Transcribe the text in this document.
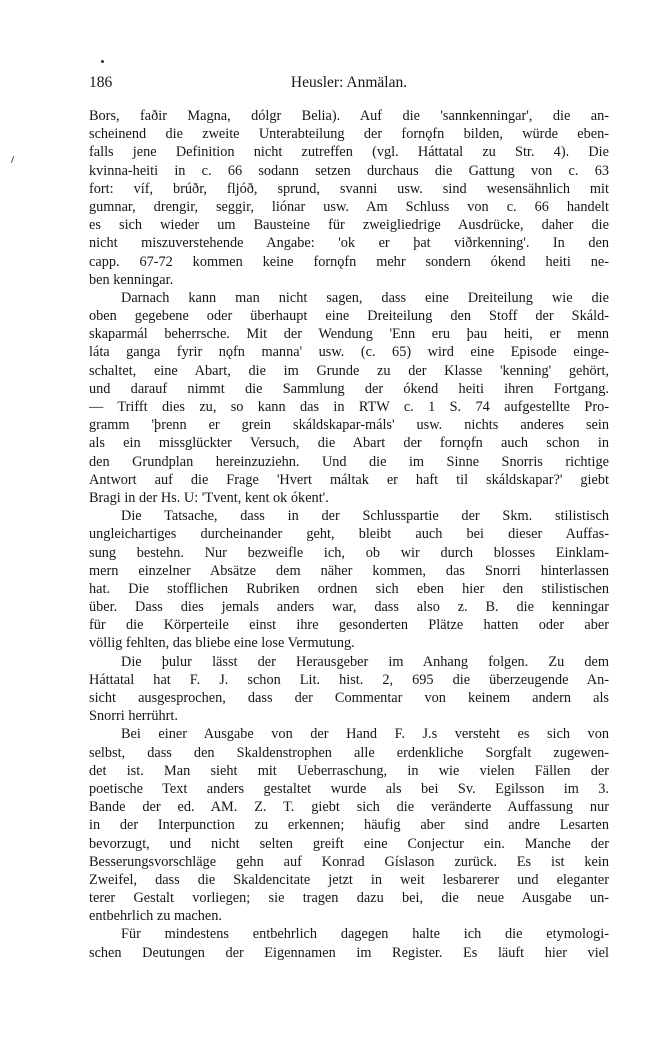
186	Heusler: Anmälan.
Bors, faðir Magna, dólgr Belia). Auf die 'sannkenningar', die an-
scheinend die zweite Unterabteilung der fornǫfn bilden, würde eben-
falls jene Definition nicht zutreffen (vgl. Háttatal zu Str. 4). Die
kvinna-heiti in c. 66 sodann setzen durchaus die Gattung von c. 63
fort: víf, brúðr, fljóð, sprund, svanni usw. sind wesensähnlich mit
gumnar, drengir, seggir, liónar usw. Am Schluss von c. 66 handelt
es sich wieder um Bausteine für zweigliedrige Ausdrücke, daher die
nicht miszuverstehende Angabe: 'ok er þat viðrkenning'. In den
capp. 67-72 kommen keine fornǫfn mehr sondern ókend heiti ne-
ben kenningar.
Darnach kann man nicht sagen, dass eine Dreiteilung wie die
oben gegebene oder überhaupt eine Dreiteilung den Stoff der Skáld-
skaparmál beherrsche. Mit der Wendung 'Enn eru þau heiti, er menn
láta ganga fyrir nǫfn manna' usw. (c. 65) wird eine Episode einge-
schaltet, eine Abart, die im Grunde zu der Klasse 'kenning' gehört,
und darauf nimmt die Sammlung der ókend heiti ihren Fortgang.
— Trifft dies zu, so kann das in RTW c. 1 S. 74 aufgestellte Pro-
gramm 'þrenn er grein skáldskapar-máls' usw. nichts anderes sein
als ein missglückter Versuch, die Abart der fornǫfn auch schon in
den Grundplan hereinzuziehn. Und die im Sinne Snorris richtige
Antwort auf die Frage 'Hvert máltak er haft til skáldskapar?' giebt
Bragi in der Hs. U: 'Tvent, kent ok ókent'.
Die Tatsache, dass in der Schlusspartie der Skm. stilistisch
ungleichartiges durcheinander geht, bleibt auch bei dieser Auffas-
sung bestehn. Nur bezweifle ich, ob wir durch blosses Einklam-
mern einzelner Absätze dem näher kommen, das Snorri hinterlassen
hat. Die stofflichen Rubriken ordnen sich eben hier den stilistischen
über. Dass dies jemals anders war, dass also z. B. die kenningar
für die Körperteile einst ihre gesonderten Plätze hatten oder aber
völlig fehlten, das bliebe eine lose Vermutung.
Die þulur lässt der Herausgeber im Anhang folgen. Zu dem
Háttatal hat F. J. schon Lit. hist. 2, 695 die überzeugende An-
sicht ausgesprochen, dass der Commentar von keinem andern als
Snorri herrührt.
Bei einer Ausgabe von der Hand F. J.s versteht es sich von
selbst, dass den Skaldenstrophen alle erdenkliche Sorgfalt zugewen-
det ist. Man sieht mit Ueberraschung, in wie vielen Fällen der
poetische Text anders gestaltet wurde als bei Sv. Egilsson im 3.
Bande der ed. AM. Z. T. giebt sich die veränderte Auffassung nur
in der Interpunction zu erkennen; häufig aber sind andre Lesarten
bevorzugt, und nicht selten greift eine Conjectur ein. Manche der
Besserungsvorschläge gehn auf Konrad Gíslason zurück. Es ist kein
Zweifel, dass die Skaldencitate jetzt in weit lesbarerer und eleganter
terer Gestalt vorliegen; sie tragen dazu bei, die neue Ausgabe un-
entbehrlich zu machen.
Für mindestens entbehrlich dagegen halte ich die etymologi-
schen Deutungen der Eigennamen im Register. Es läuft hier viel
